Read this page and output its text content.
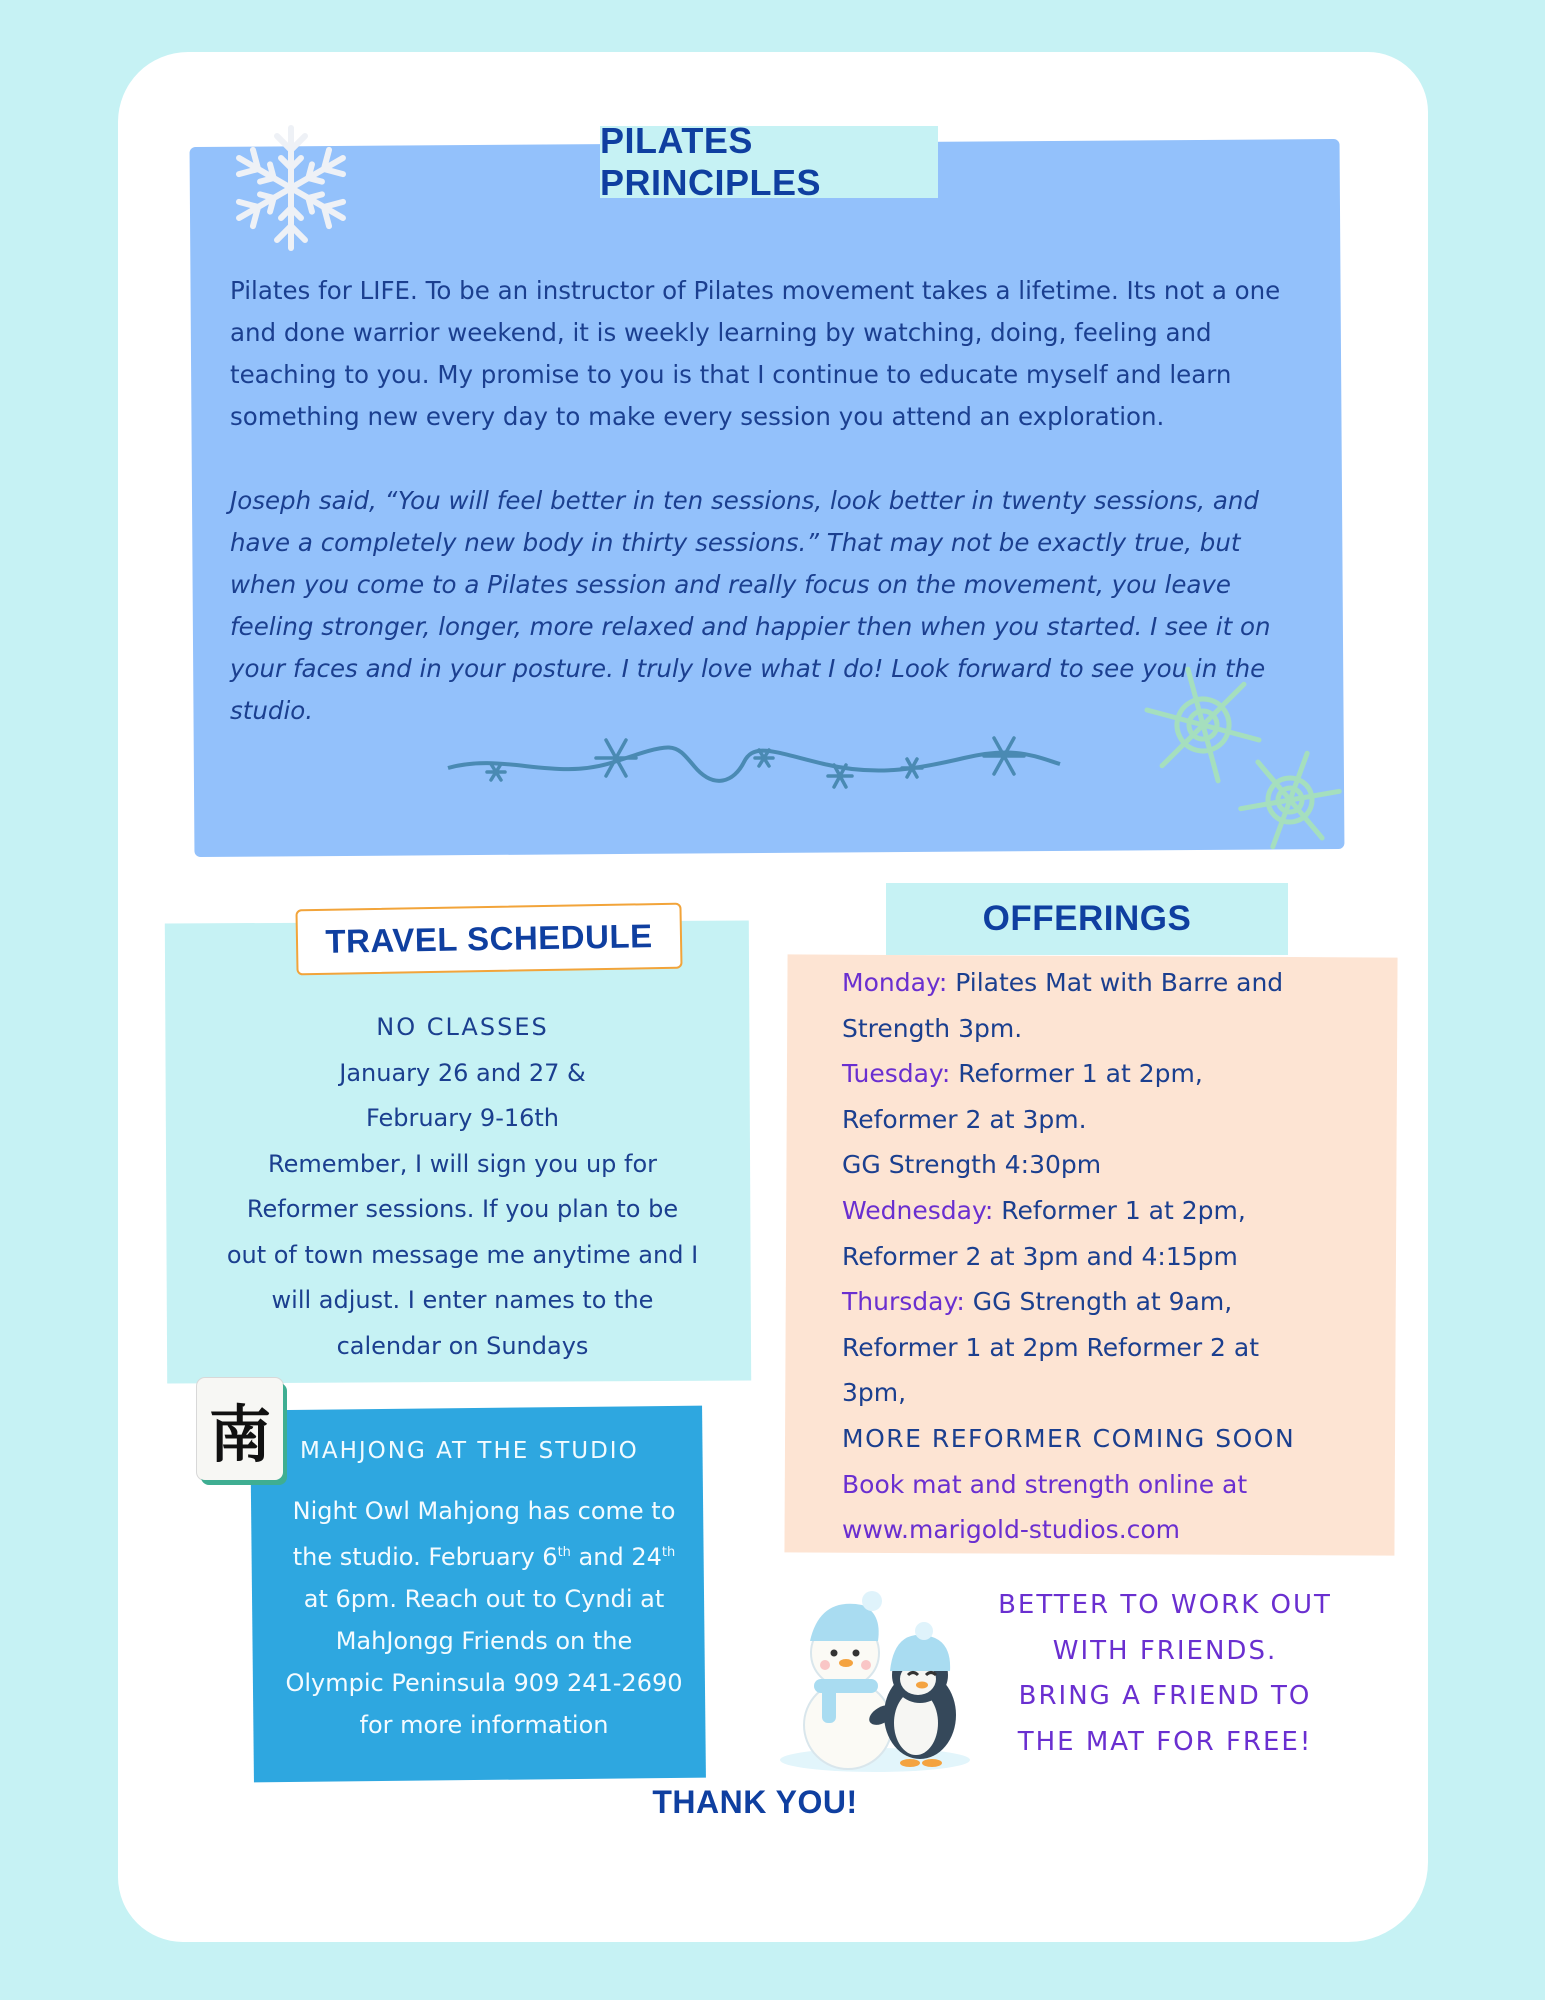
PILATES PRINCIPLES

Pilates for LIFE. To be an instructor of Pilates movement takes a lifetime. Its not a one and done warrior weekend, it is weekly learning by watching, doing, feeling and teaching to you. My promise to you is that I continue to educate myself and learn something new every day to make every session you attend an exploration.

Joseph said, “You will feel better in ten sessions, look better in twenty sessions, and have a completely new body in thirty sessions.” That may not be exactly true, but when you come to a Pilates session and really focus on the movement, you leave feeling stronger, longer, more relaxed and happier then when you started. I see it on your faces and in your posture. I truly love what I do! Look forward to see you in the studio.

TRAVEL SCHEDULE
NO CLASSES
January 26 and 27 &
February 9-16th
Remember, I will sign you up for
Reformer sessions. If you plan to be
out of town message me anytime and I
will adjust. I enter names to the
calendar on Sundays
南	MAHJONG AT THE STUDIO
Night Owl Mahjong has come to
the studio. February 6th and 24th
at 6pm. Reach out to Cyndi at
MahJongg Friends on the
Olympic Peninsula 909 241-2690
for more information
OFFERINGS
Monday: Pilates Mat with Barre and
Strength 3pm.
Tuesday: Reformer 1 at 2pm,
Reformer 2 at 3pm.
GG Strength 4:30pm
Wednesday: Reformer 1 at 2pm,
Reformer 2 at 3pm and 4:15pm
Thursday: GG Strength at 9am,
Reformer 1 at 2pm Reformer 2 at
3pm,
MORE REFORMER COMING SOON
Book mat and strength online at
www.marigold-studios.com
BETTER TO WORK OUT
WITH FRIENDS.
BRING A FRIEND TO
THE MAT FOR FREE!
THANK YOU!
